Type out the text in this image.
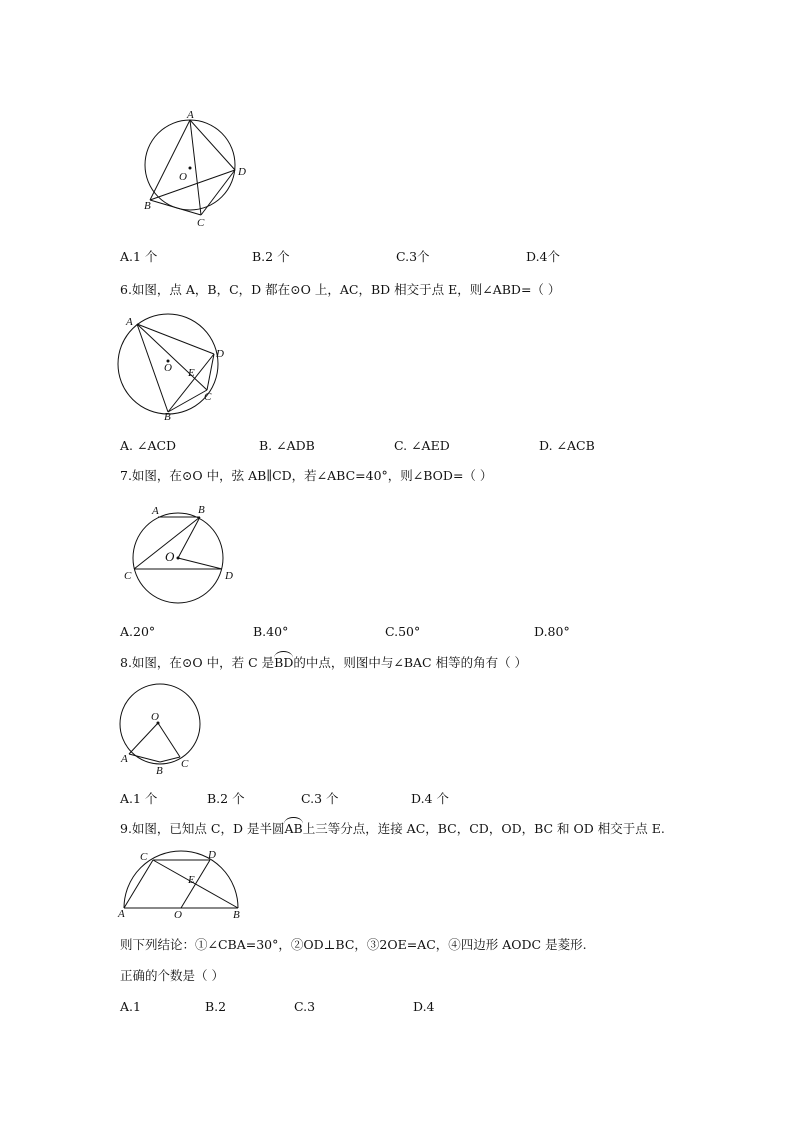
A
O	D
B
C
A.1 个	B.2 个	C.3个	D.4个
6.如图，点 A，B，C，D 都在⊙O 上，AC，BD 相交于点 E，则∠ABD=（ ）
A
O
D
E
C
B
A. ∠ACD	B. ∠ADB	C. ∠AED	D. ∠ACB
7.如图，在⊙O 中，弦 AB∥CD，若∠ABC=40°，则∠BOD=（ ）
A	B
O
C	D
A.20°	B.40°	C.50°	D.80°
8.如图，在⊙O 中，若 C 是BD的中点，则图中与∠BAC 相等的角有（ ）
O
A
B
C
A.1 个	B.2 个	C.3 个	D.4 个
9.如图，已知点 C，D 是半圆AB上三等分点，连接 AC，BC，CD，OD，BC 和 OD 相交于点 E.
C	D
E
A	O	B
则下列结论：①∠CBA=30°，②OD⊥BC，③2OE=AC，④四边形 AODC 是菱形.
正确的个数是（ ）
A.1	B.2	C.3	D.4
